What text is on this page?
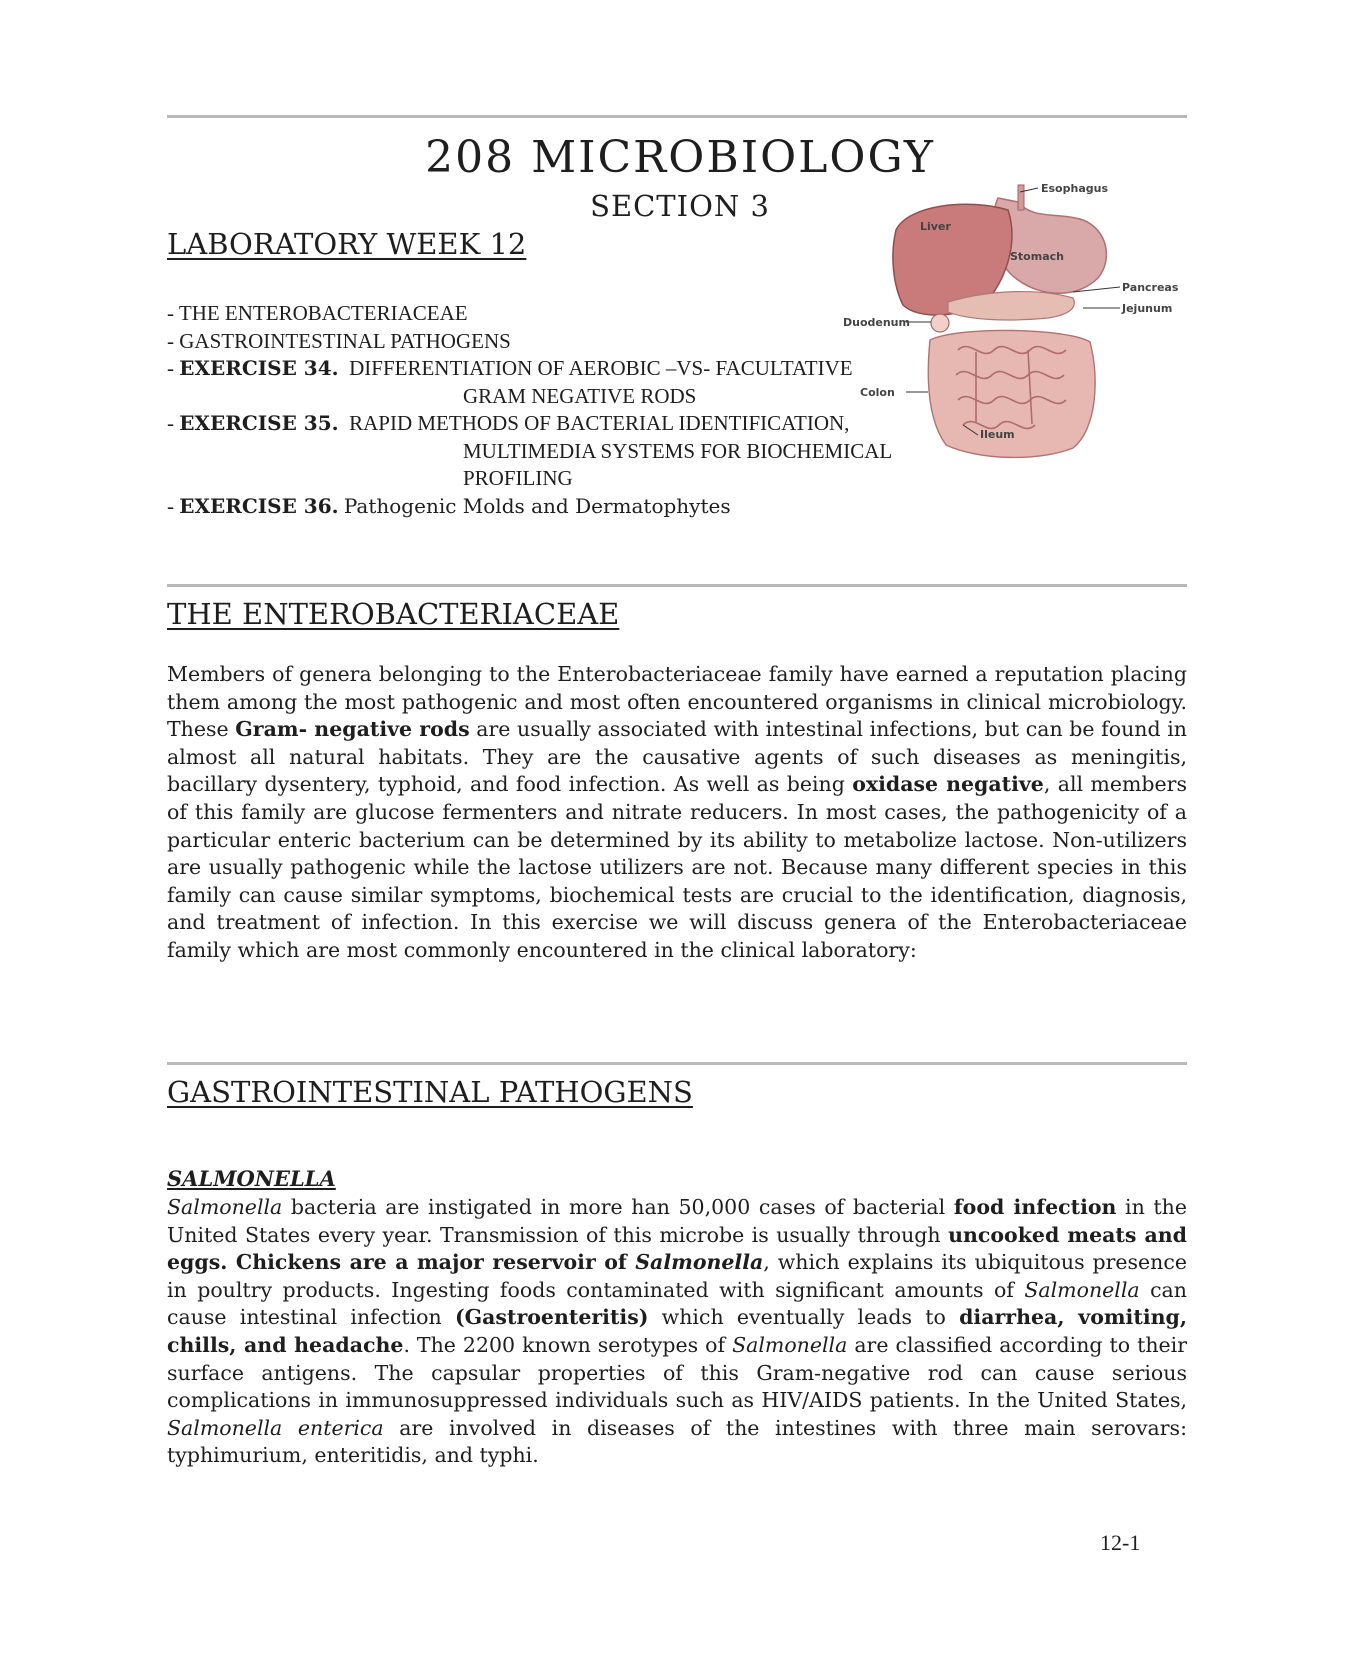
208 MICROBIOLOGY
SECTION 3
LABORATORY WEEK 12
- THE ENTEROBACTERIACEAE
- GASTROINTESTINAL PATHOGENS
- EXERCISE 34. DIFFERENTIATION OF AEROBIC –VS- FACULTATIVE
GRAM NEGATIVE RODS
- EXERCISE 35. RAPID METHODS OF BACTERIAL IDENTIFICATION,
MULTIMEDIA SYSTEMS FOR BIOCHEMICAL
PROFILING
- EXERCISE 36. Pathogenic Molds and Dermatophytes
Esophagus
Liver
Stomach
Pancreas
Jejunum
Duodenum
Colon
Ileum
THE ENTEROBACTERIACEAE
Members of genera belonging to the Enterobacteriaceae family have earned a reputation placing them among the most pathogenic and most often encountered organisms in clinical microbiology. These Gram- negative rods are usually associated with intestinal infections, but can be found in almost all natural habitats. They are the causative agents of such diseases as meningitis, bacillary dysentery, typhoid, and food infection. As well as being oxidase negative, all members of this family are glucose fermenters and nitrate reducers. In most cases, the pathogenicity of a particular enteric bacterium can be determined by its ability to metabolize lactose. Non-utilizers are usually pathogenic while the lactose utilizers are not. Because many different species in this family can cause similar symptoms, biochemical tests are crucial to the identification, diagnosis, and treatment of infection. In this exercise we will discuss genera of the Enterobacteriaceae family which are most commonly encountered in the clinical laboratory:
GASTROINTESTINAL PATHOGENS
SALMONELLA
Salmonella bacteria are instigated in more han 50,000 cases of bacterial food infection in the United States every year. Transmission of this microbe is usually through uncooked meats and eggs. Chickens are a major reservoir of Salmonella, which explains its ubiquitous presence in poultry products. Ingesting foods contaminated with significant amounts of Salmonella can cause intestinal infection (Gastroenteritis) which eventually leads to diarrhea, vomiting, chills, and headache. The 2200 known serotypes of Salmonella are classified according to their surface antigens. The capsular properties of this Gram-negative rod can cause serious complications in immunosuppressed individuals such as HIV/AIDS patients. In the United States, Salmonella enterica are involved in diseases of the intestines with three main serovars: typhimurium, enteritidis, and typhi.
12-1
